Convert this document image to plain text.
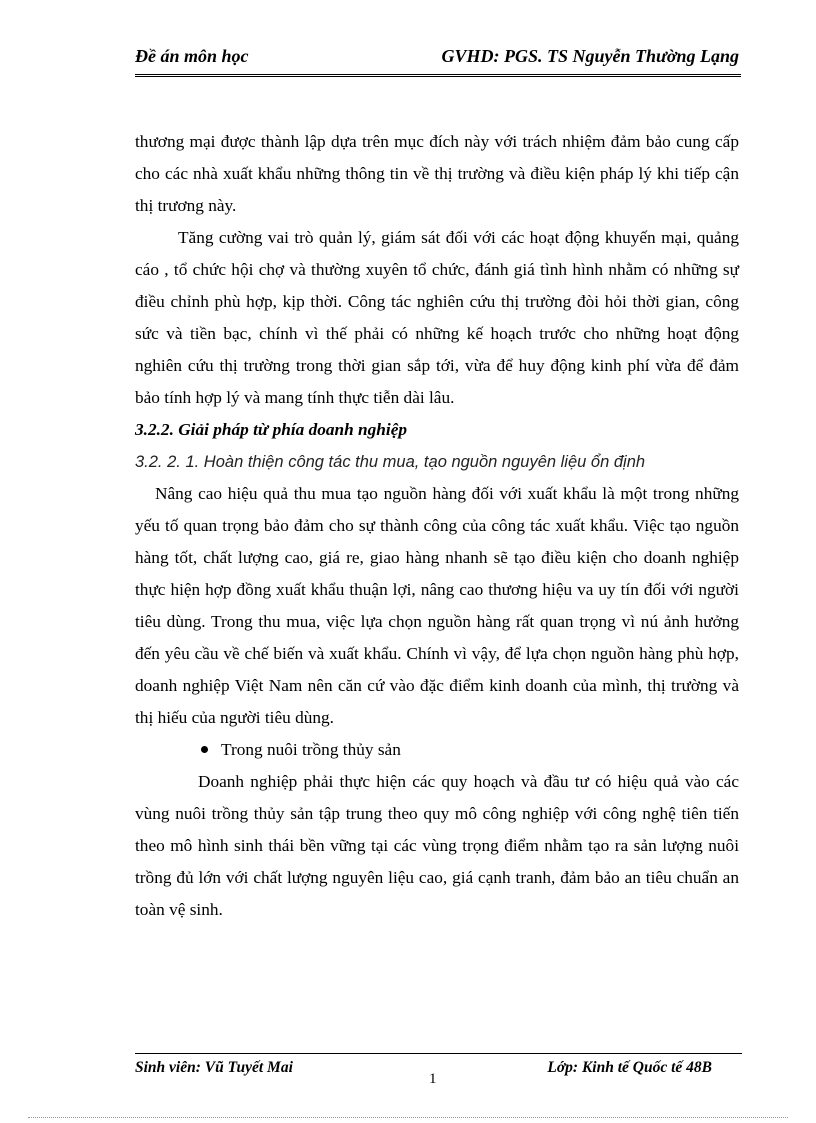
Đề án môn học	GVHD: PGS. TS Nguyễn Thường Lạng

thương mại được thành lập dựa trên mục đích này với trách nhiệm đảm bảo cung cấp cho các nhà xuất khẩu những thông tin về thị trường và điều kiện pháp lý khi tiếp cận thị trương này.

Tăng cường vai trò quản lý, giám sát đối với các hoạt động khuyến mại, quảng cáo , tổ chức hội chợ và thường xuyên tổ chức, đánh giá tình hình nhằm có những sự điều chỉnh phù hợp, kịp thời. Công tác nghiên cứu thị trường đòi hỏi thời gian, công sức và tiền bạc, chính vì thế phải có những kế hoạch trước cho những hoạt động nghiên cứu thị trường trong thời gian sắp tới, vừa để huy động kinh phí vừa để đảm bảo tính hợp lý và mang tính thực tiễn dài lâu.

3.2.2. Giải pháp từ phía doanh nghiệp

3.2. 2. 1. Hoàn thiện công tác thu mua, tạo nguồn nguyên liệu ổn định

Nâng cao hiệu quả thu mua tạo nguồn hàng đối với xuất khẩu là một trong những yếu tố quan trọng bảo đảm cho sự thành công của công tác xuất khẩu. Việc tạo nguồn hàng tốt, chất lượng cao, giá re, giao hàng nhanh sẽ tạo điều kiện cho doanh nghiệp thực hiện hợp đồng xuất khẩu thuận lợi, nâng cao thương hiệu va uy tín đối với người tiêu dùng. Trong thu mua, việc lựa chọn nguồn hàng rất quan trọng vì nú ảnh hưởng đến yêu cầu về chế biến và xuất khẩu. Chính vì vậy, để lựa chọn nguồn hàng phù hợp, doanh nghiệp Việt Nam nên căn cứ vào đặc điểm kinh doanh của mình, thị trường và thị hiếu của người tiêu dùng.

Trong nuôi trồng thủy sản

Doanh nghiệp phải thực hiện các quy hoạch và đầu tư có hiệu quả vào các vùng nuôi trồng thủy sản tập trung theo quy mô công nghiệp với công nghệ tiên tiến theo mô hình sinh thái bền vững tại các vùng trọng điểm nhằm tạo ra sản lượng nuôi trồng đủ lớn với chất lượng nguyên liệu cao, giá cạnh tranh, đảm bảo an tiêu chuẩn an toàn vệ sinh.

Sinh viên: Vũ Tuyết Mai
1
Lớp: Kinh tế Quốc tế 48B
